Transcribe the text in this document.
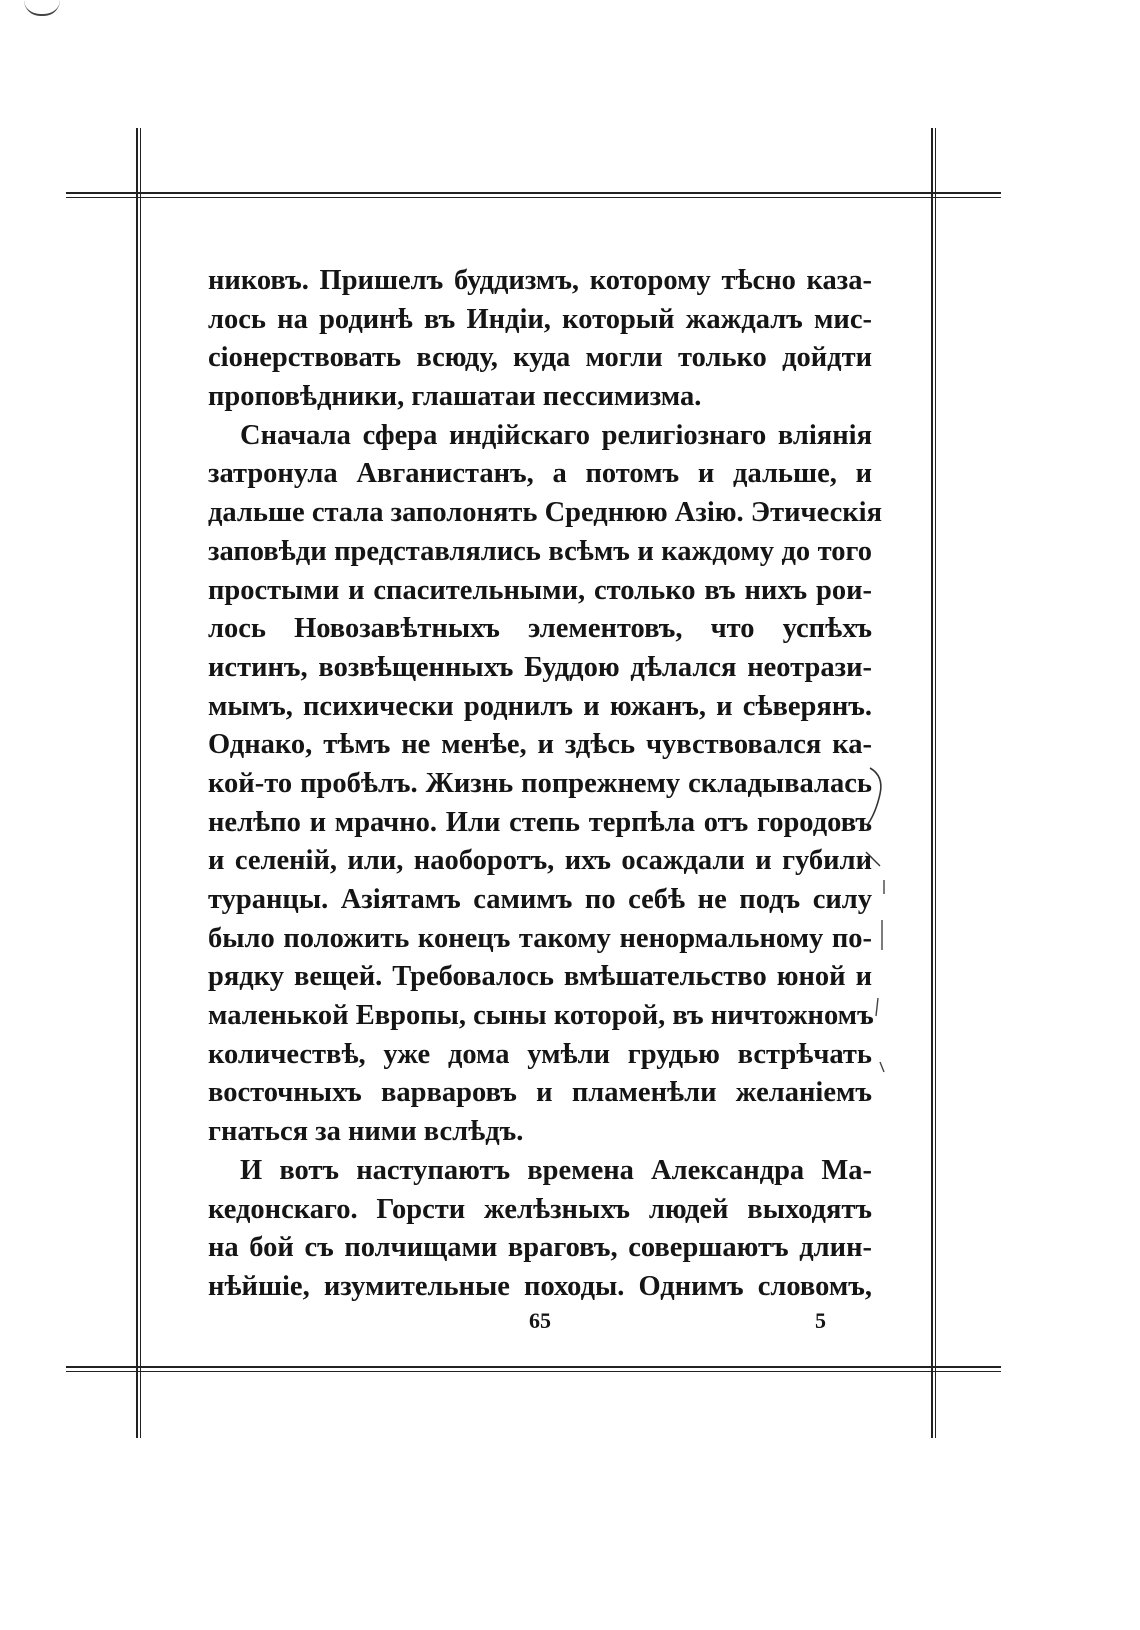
никовъ. Пришелъ буддизмъ, которому тѣсно каза-
лось на родинѣ въ Индіи, который жаждалъ мис-
сіонерствовать всюду, куда могли только дойдти
проповѣдники, глашатаи пессимизма.
Сначала сфера индійскаго религіознаго вліянія
затронула Авганистанъ, а потомъ и дальше, и
дальше стала заполонять Среднюю Азію. Этическія
заповѣди представлялись всѣмъ и каждому до того
простыми и спасительными, столько въ нихъ рои-
лось Новозавѣтныхъ элементовъ, что успѣхъ
истинъ, возвѣщенныхъ Буддою дѣлался неотрази-
мымъ, психически роднилъ и южанъ, и сѣверянъ.
Однако, тѣмъ не менѣе, и здѣсь чувствовался ка-
кой-то пробѣлъ. Жизнь попрежнему складывалась
нелѣпо и мрачно. Или степь терпѣла отъ городовъ
и селеній, или, наоборотъ, ихъ осаждали и губили
туранцы. Азіятамъ самимъ по себѣ не подъ силу
было положить конецъ такому ненормальному по-
рядку вещей. Требовалось вмѣшательство юной и
маленькой Европы, сыны которой, въ ничтожномъ
количествѣ, уже дома умѣли грудью встрѣчать
восточныхъ варваровъ и пламенѣли желаніемъ
гнаться за ними вслѣдъ.
И вотъ наступаютъ времена Александра Ма-
кедонскаго. Горсти желѣзныхъ людей выходятъ
на бой съ полчищами враговъ, совершаютъ длин-
нѣйшіе, изумительные походы. Однимъ словомъ,
65	5
